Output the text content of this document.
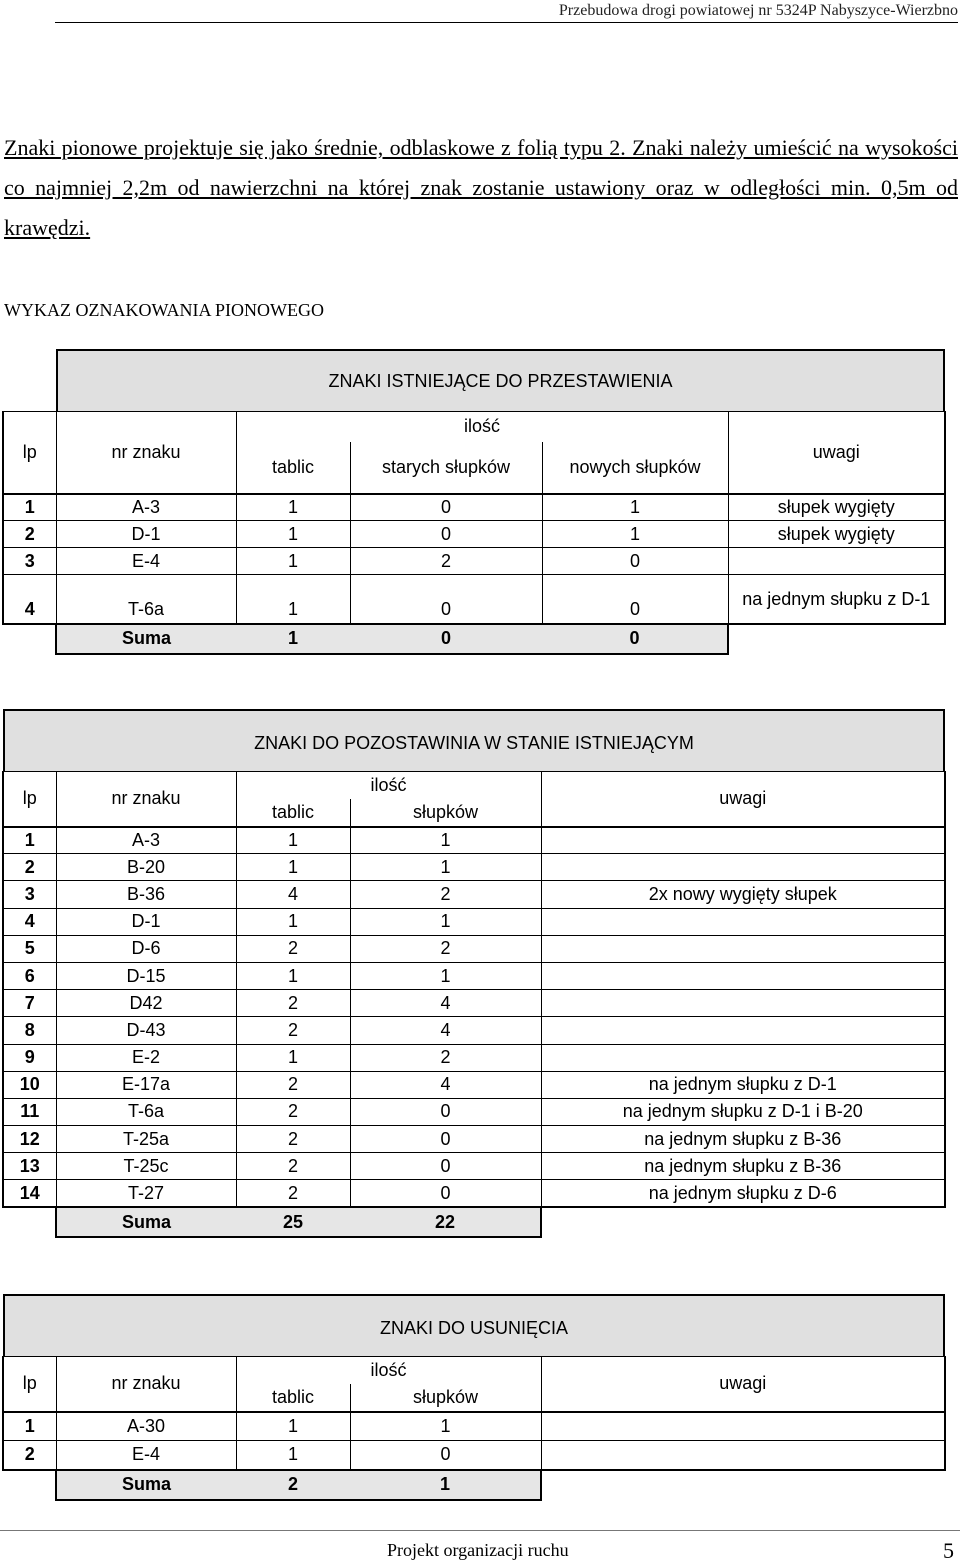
Przebudowa drogi powiatowej nr 5324P Nabyszyce-Wierzbno
Znaki pionowe projektuje się jako średnie, odblaskowe z folią typu 2. Znaki należy umieścić na wysokości co najmniej 2,2m od nawierzchni na której znak zostanie ustawiony oraz w odległości min. 0,5m od krawędzi.
WYKAZ OZNAKOWANIA PIONOWEGO
ZNAKI ISTNIEJĄCE DO PRZESTAWIENIA					

lp	nr znaku	ilość			uwagi
		tablic	starych słupków	nowych słupków	
1	A-3	1	0	1	słupek wygięty
2	D-1	1	0	1	słupek wygięty
3	E-4	1	2	0	
4	T-6a	1	0	0	na jednym słupku z D-1
	Suma	1	0	0	
ZNAKI DO POZOSTAWINIA W STANIE ISTNIEJĄCYM				

lp	nr znaku	ilość		uwagi
		tablic	słupków	
1	A-3	1	1	
2	B-20	1	1	
3	B-36	4	2	2x nowy wygięty słupek
4	D-1	1	1	
5	D-6	2	2	
6	D-15	1	1	
7	D42	2	4	
8	D-43	2	4	
9	E-2	1	2	
10	E-17a	2	4	na jednym słupku z D-1
11	T-6a	2	0	na jednym słupku z D-1 i B-20
12	T-25a	2	0	na jednym słupku z B-36
13	T-25c	2	0	na jednym słupku z B-36
14	T-27	2	0	na jednym słupku z D-6
	Suma	25	22	
ZNAKI DO USUNIĘCIA				

lp	nr znaku	ilość		uwagi
		tablic	słupków	
1	A-30	1	1	
2	E-4	1	0	
	Suma	2	1	
Projekt organizacji ruchu	5
